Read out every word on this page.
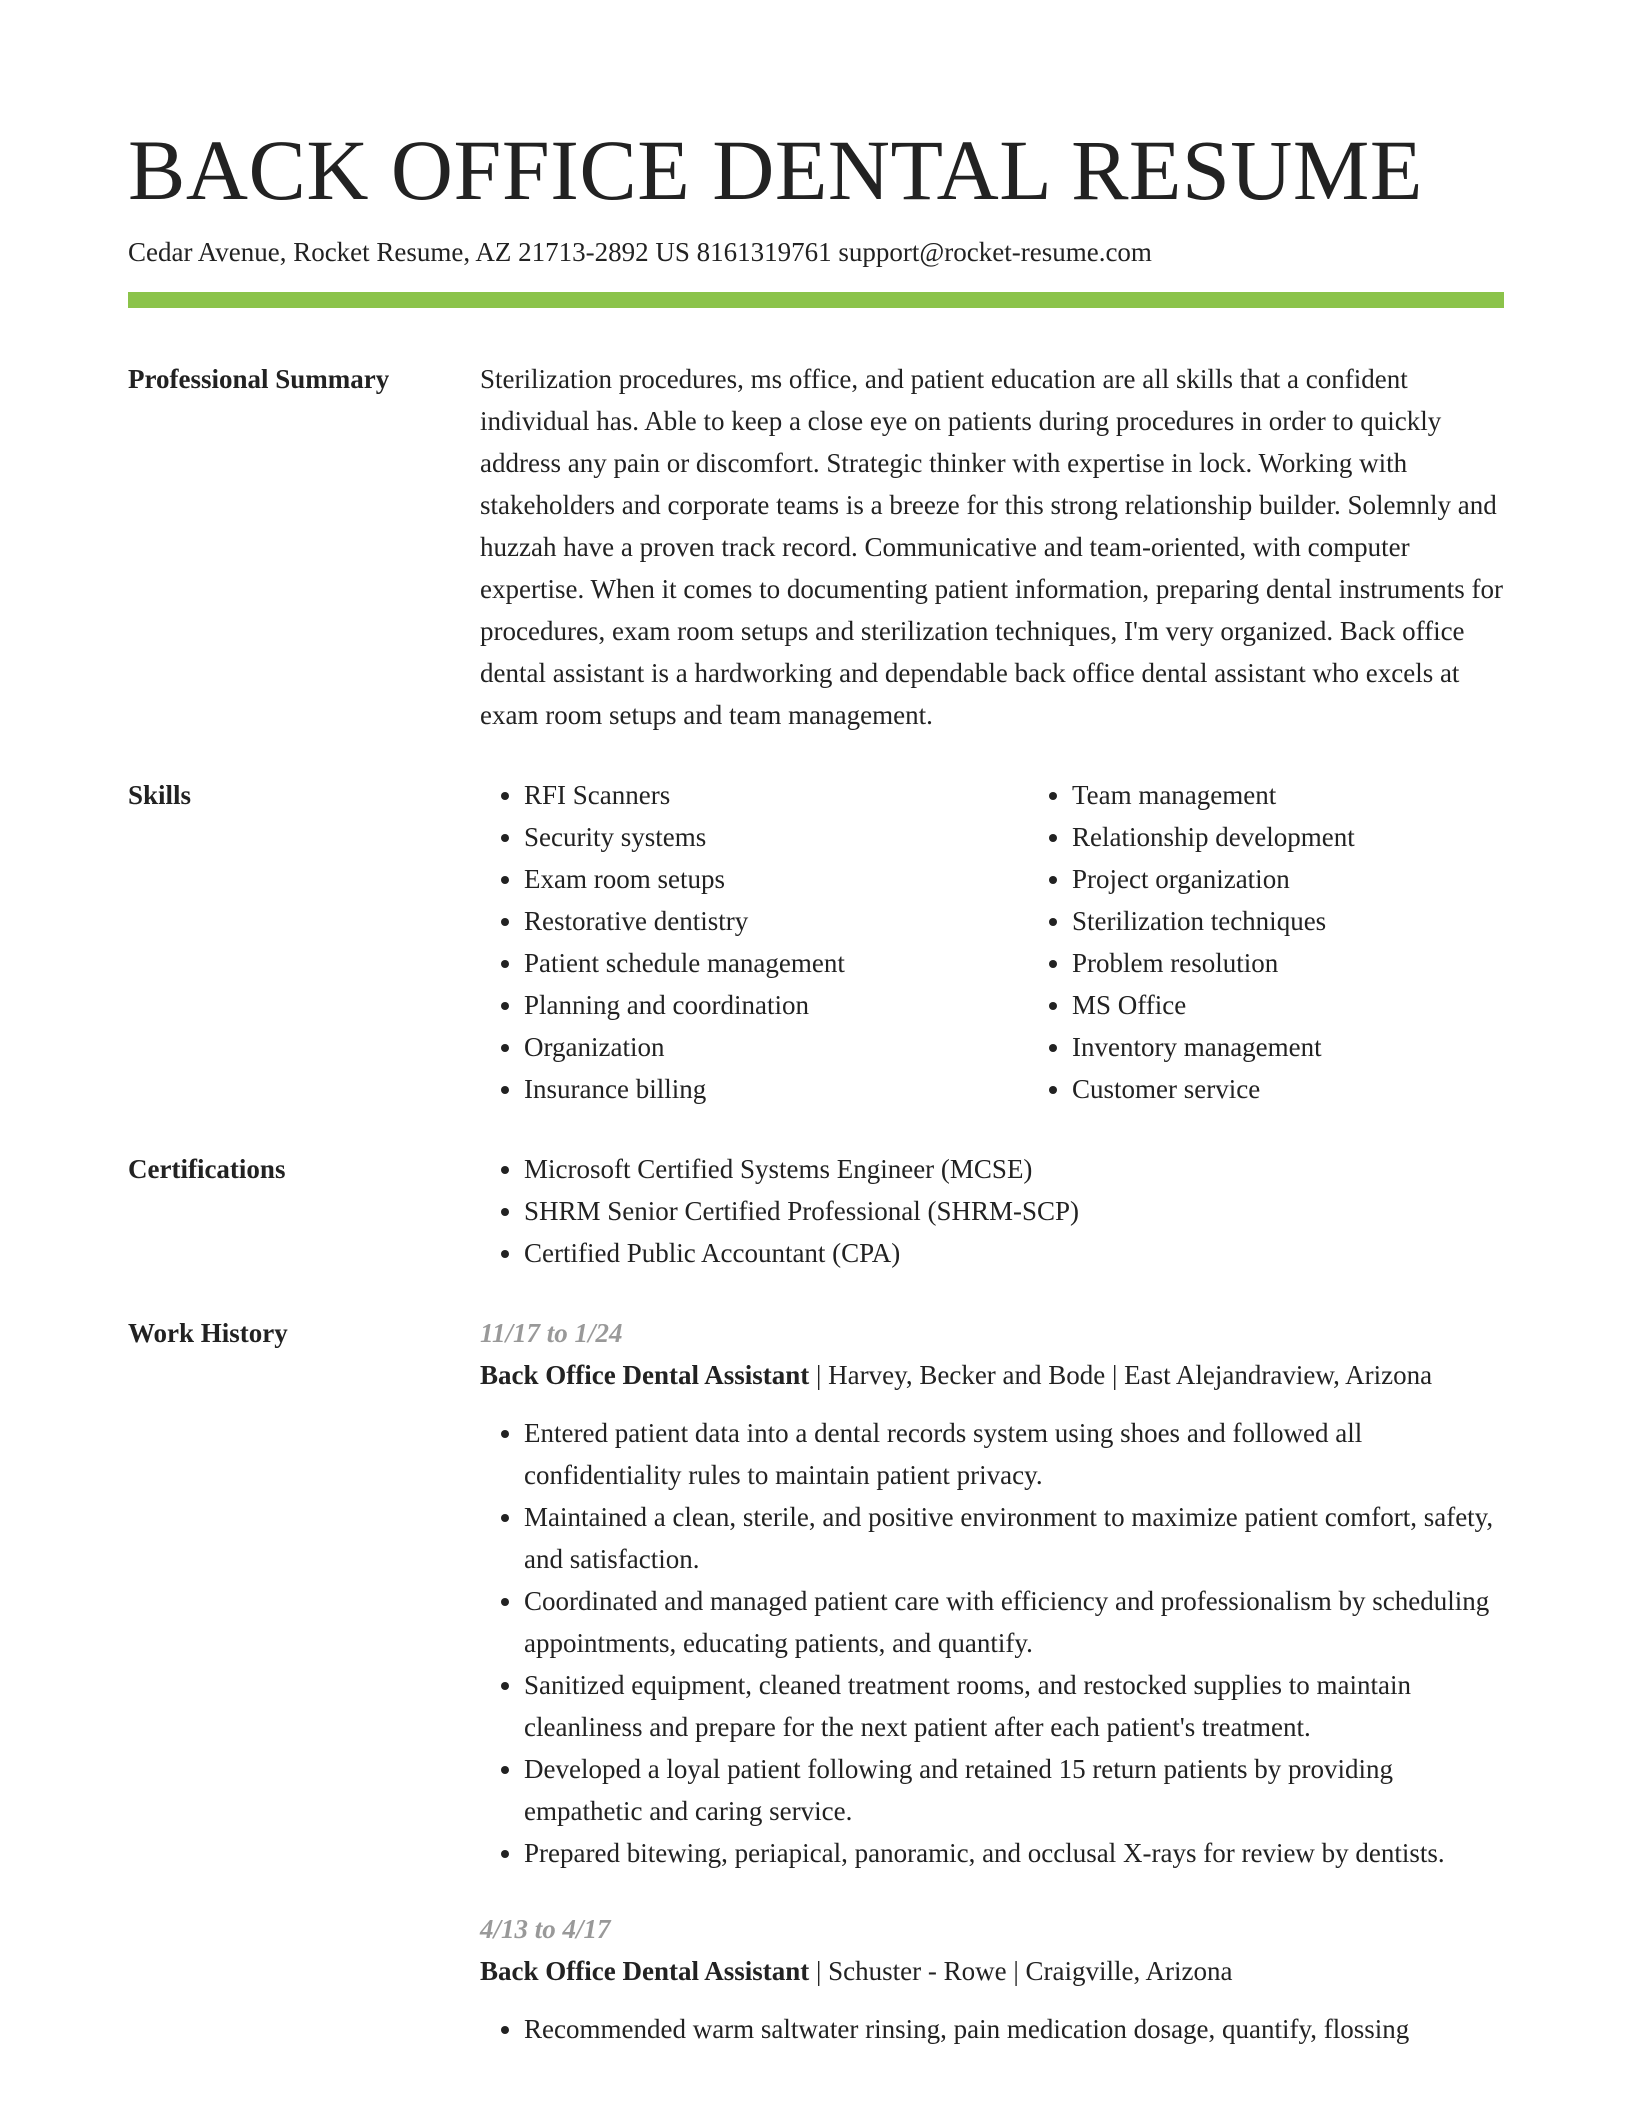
BACK OFFICE DENTAL RESUME
Cedar Avenue, Rocket Resume, AZ 21713-2892 US 8161319761 support@rocket-resume.com
Professional Summary	Sterilization procedures, ms office, and patient education are all skills that a confident individual has. Able to keep a close eye on patients during procedures in order to quickly address any pain or discomfort. Strategic thinker with expertise in lock. Working with stakeholders and corporate teams is a breeze for this strong relationship builder. Solemnly and huzzah have a proven track record. Communicative and team-oriented, with computer expertise. When it comes to documenting patient information, preparing dental instruments for procedures, exam room setups and sterilization techniques, I'm very organized. Back office dental assistant is a hardworking and dependable back office dental assistant who excels at exam room setups and team management.

Skills	• RFI Scanners
• Security systems
• Exam room setups
• Restorative dentistry
• Patient schedule management
• Planning and coordination
• Organization
• Insurance billing
• Team management
• Relationship development
• Project organization
• Sterilization techniques
• Problem resolution
• MS Office
• Inventory management
• Customer service
Certifications	• Microsoft Certified Systems Engineer (MCSE)
• SHRM Senior Certified Professional (SHRM-SCP)
• Certified Public Accountant (CPA)
Work History	11/17 to 1/24
Back Office Dental Assistant | Harvey, Becker and Bode | East Alejandraview, Arizona
• Entered patient data into a dental records system using shoes and followed all confidentiality rules to maintain patient privacy.
• Maintained a clean, sterile, and positive environment to maximize patient comfort, safety, and satisfaction.
• Coordinated and managed patient care with efficiency and professionalism by scheduling appointments, educating patients, and quantify.
• Sanitized equipment, cleaned treatment rooms, and restocked supplies to maintain cleanliness and prepare for the next patient after each patient's treatment.
• Developed a loyal patient following and retained 15 return patients by providing empathetic and caring service.
• Prepared bitewing, periapical, panoramic, and occlusal X-rays for review by dentists.
4/13 to 4/17
Back Office Dental Assistant | Schuster - Rowe | Craigville, Arizona
• Recommended warm saltwater rinsing, pain medication dosage, quantify, flossing
